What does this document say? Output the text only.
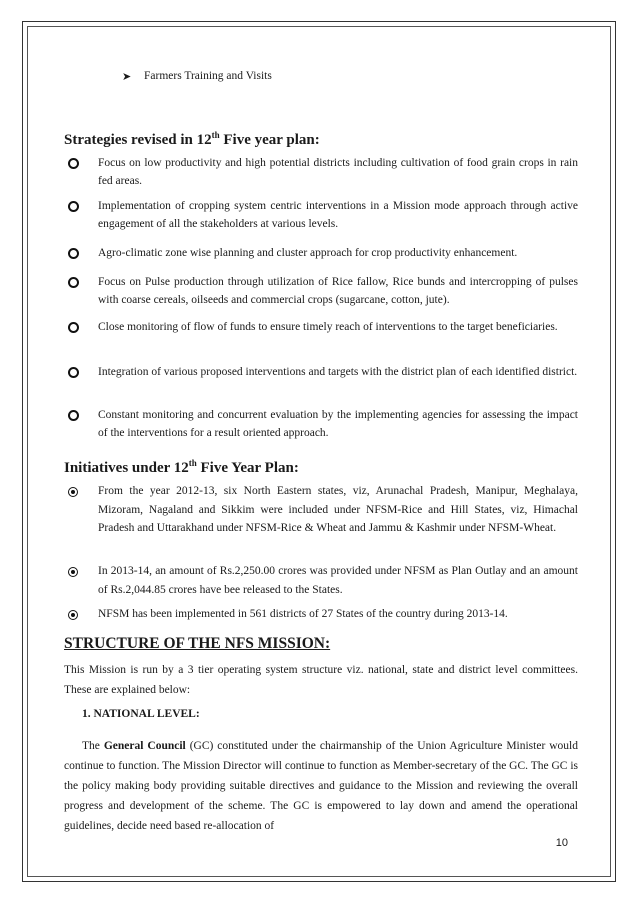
➤ Farmers Training and Visits
Strategies revised in 12th Five year plan:
Focus on low productivity and high potential districts including cultivation of food grain crops in rain fed areas.
Implementation of cropping system centric interventions in a Mission mode approach through active engagement of all the stakeholders at various levels.
Agro-climatic zone wise planning and cluster approach for crop productivity enhancement.
Focus on Pulse production through utilization of Rice fallow, Rice bunds and intercropping of pulses with coarse cereals, oilseeds and commercial crops (sugarcane, cotton, jute).
Close monitoring of flow of funds to ensure timely reach of interventions to the target beneficiaries.
Integration of various proposed interventions and targets with the district plan of each identified district.
Constant monitoring and concurrent evaluation by the implementing agencies for assessing the impact of the interventions for a result oriented approach.
Initiatives under 12th Five Year Plan:
From the year 2012-13, six North Eastern states, viz, Arunachal Pradesh, Manipur, Meghalaya, Mizoram, Nagaland and Sikkim were included under NFSM-Rice and Hill States, viz, Himachal Pradesh and Uttarakhand under NFSM-Rice & Wheat and Jammu & Kashmir under NFSM-Wheat.
In 2013-14, an amount of Rs.2,250.00 crores was provided under NFSM as Plan Outlay and an amount of Rs.2,044.85 crores have bee released to the States.
NFSM has been implemented in 561 districts of 27 States of the country during 2013-14.
STRUCTURE OF THE NFS MISSION:
This Mission is run by a 3 tier operating system structure viz. national, state and district level committees. These are explained below:
1. NATIONAL LEVEL:
The General Council (GC) constituted under the chairmanship of the Union Agriculture Minister would continue to function. The Mission Director will continue to function as Member-secretary of the GC. The GC is the policy making body providing suitable directives and guidance to the Mission and reviewing the overall progress and development of the scheme. The GC is empowered to lay down and amend the operational guidelines, decide need based re-allocation of
10
